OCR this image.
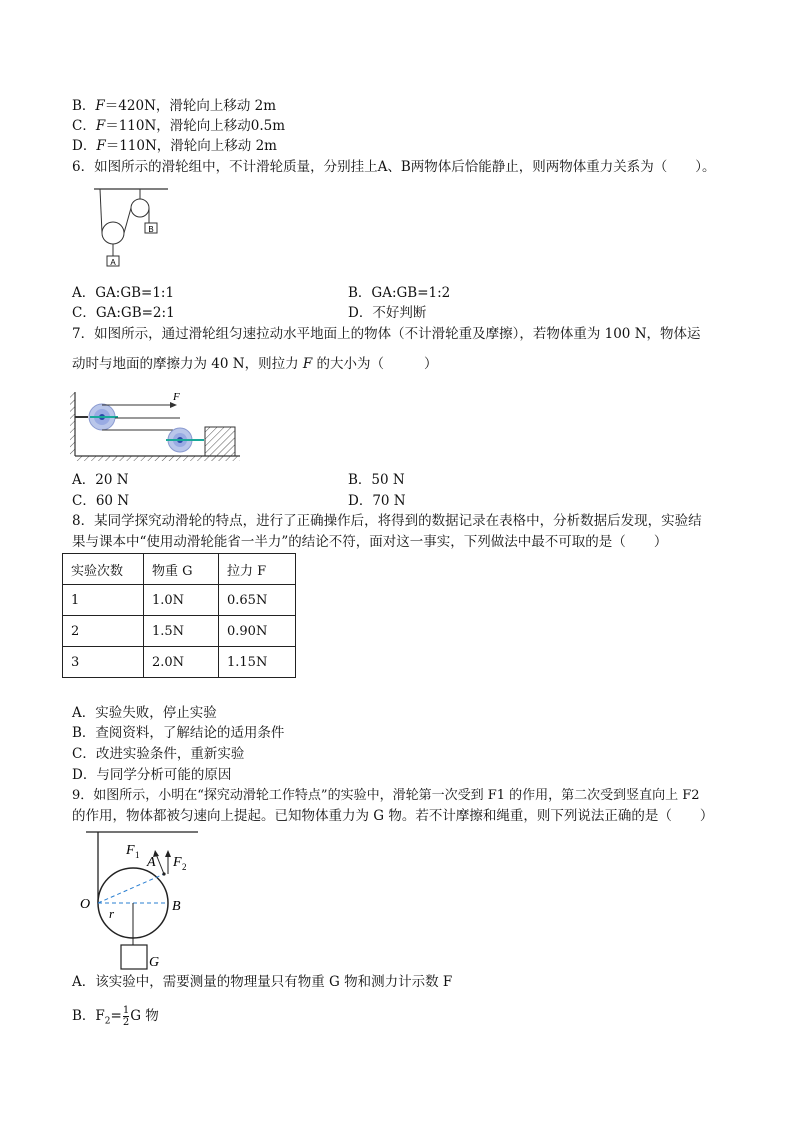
B．F＝420N，滑轮向上移动 2m
C．F＝110N，滑轮向上移动0.5m
D．F＝110N，滑轮向上移动 2m
6．如图所示的滑轮组中，不计滑轮质量，分别挂上A、B两物体后恰能静止，则两物体重力关系为（ ）。
A
B
A．GA:GB=1:1	B．GA:GB=1:2
C．GA:GB=2:1	D．不好判断
7．如图所示，通过滑轮组匀速拉动水平地面上的物体（不计滑轮重及摩擦），若物体重为 100 N，物体运
动时与地面的摩擦力为 40 N，则拉力 F 的大小为（	）
F
A．20 N	B．50 N
C．60 N	D．70 N
8．某同学探究动滑轮的特点，进行了正确操作后，将得到的数据记录在表格中，分析数据后发现，实验结
果与课本中“使用动滑轮能省一半力”的结论不符，面对这一事实，下列做法中最不可取的是（ ）
实验次数	物重 G	拉力 F
1	1.0N	0.65N
2	1.5N	0.90N
3	2.0N	1.15N
A．实验失败，停止实验
B．查阅资料，了解结论的适用条件
C．改进实验条件，重新实验
D．与同学分析可能的原因
9．如图所示，小明在“探究动滑轮工作特点”的实验中，滑轮第一次受到 F1 的作用，第二次受到竖直向上 F2
的作用，物体都被匀速向上提起。已知物体重力为 G 物。若不计摩擦和绳重，则下列说法正确的是（ ）
F 1 F 2
A
O	B
r
G
A．该实验中，需要测量的物理量只有物重 G 物和测力计示数 F
B．$F_2= \frac{1}{2}$ G 物
